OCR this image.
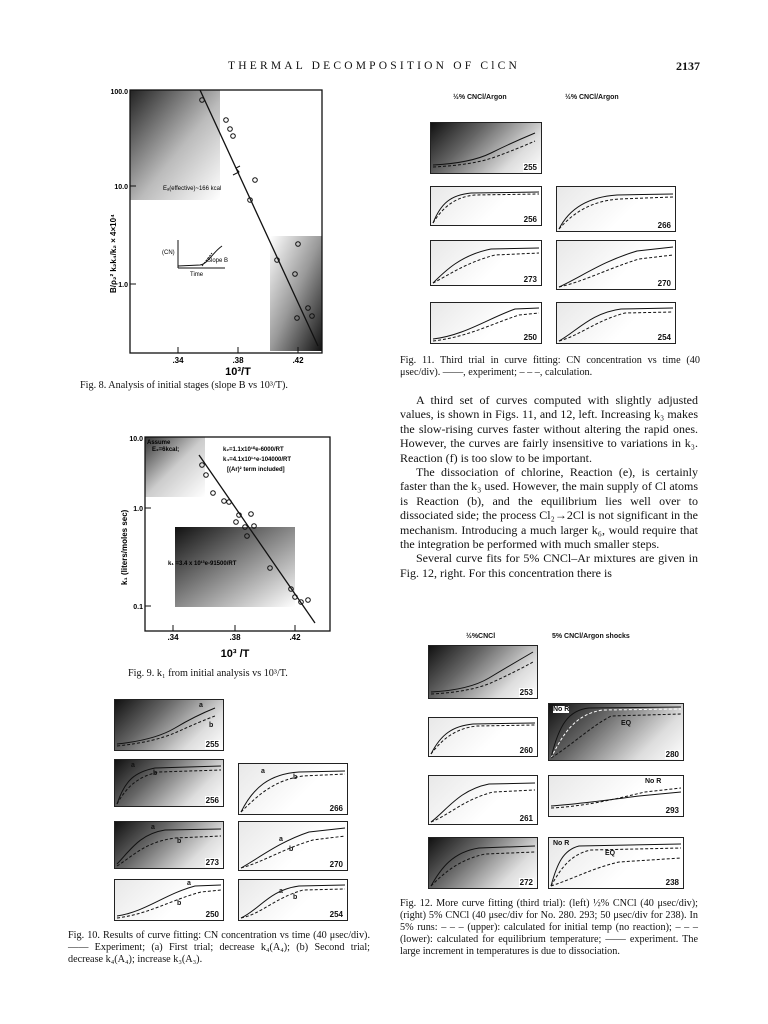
THERMAL DECOMPOSITION OF ClCN	2137
Eₐ(effective)~166 kcal
(CN)
Slope B
Time
100.0
10.0
1.0
.34	.38	.42
10³/T
B/ρ₂² k₂k₄/k₂ × 4×10⁴
Fig. 8. Analysis of initial stages (slope B vs 10³/T).
Assume
E₂=6kcal;	k₂=1.1x10¹⁰e-6000/RT
k₄=4.1x10¹⁴e-104000/RT
[(Ar)² term included]
k₁ =3.4 x 10¹³e-91500/RT
10.0
1.0
0.1
.34	.38	.42
10³ /T
k₁ (liters/moles sec)
Fig. 9. k₁ from initial analysis vs 10³/T.
a
b
255
a
b
256
a
b
266
a
b
273
a
b
270
a
b
250
a
b
254
Fig. 10. Results of curve fitting: CN concentration vs time (40 μsec/div). —— Experiment; (a) First trial; decrease k₄(A₄); (b) Second trial; decrease k₄(A₄); increase k₃(A₃).
½% CNCl/Argon	½% CNCl/Argon
255
256
266
273	270
250	254
Fig. 11. Third trial in curve fitting: CN concentration vs time (40 μsec/div). ——, experiment; – – –, calculation.

A third set of curves computed with slightly adjusted values, is shown in Figs. 11, and 12, left. Increasing k₃ makes the slow-rising curves faster without altering the rapid ones. However, the curves are fairly insensitive to variations in k₃. Reaction (f) is too slow to be important.

The dissociation of chlorine, Reaction (e), is certainly faster than the k₃ used. However, the main supply of Cl atoms is Reaction (b), and the equilibrium lies well over to dissociated side; the process Cl₂→2Cl is not significant in the mechanism. Introducing a much larger k₆, would require that the integration be performed with much smaller steps.

Several curve fits for 5% CNCl–Ar mixtures are given in Fig. 12, right. For this concentration there is

½%CNCl	5% CNCl/Argon shocks
253
260
No R
EQ
280
261
No R
293
272
No R
EQ
238
Fig. 12. More curve fitting (third trial): (left) ½% CNCl (40 μsec/div); (right) 5% CNCl (40 μsec/div for No. 280. 293; 50 μsec/div for 238). In 5% runs: – – – (upper): calculated for initial temp (no reaction); – – – (lower): calculated for equilibrium temperature; —— experiment. The large increment in temperatures is due to dissociation.
